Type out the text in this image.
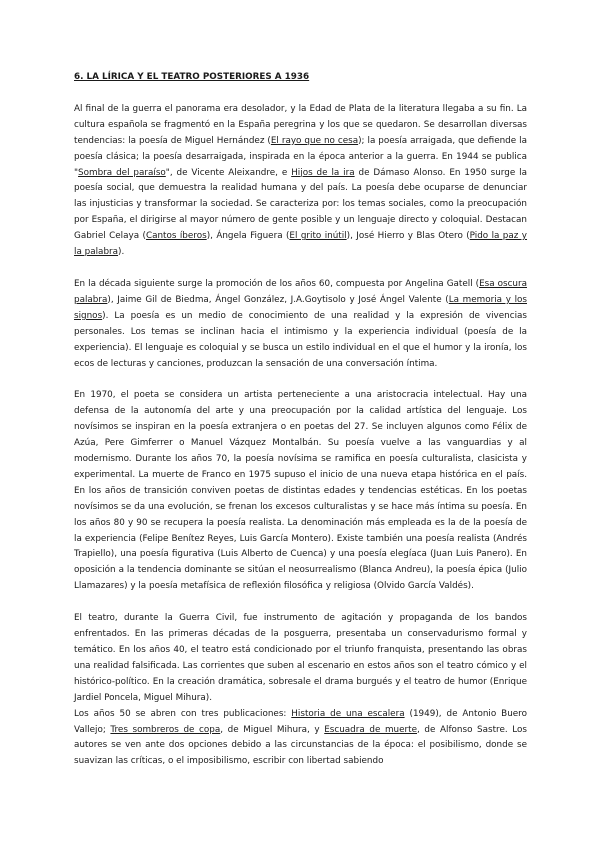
6. LA LÍRICA Y EL TEATRO POSTERIORES A 1936

Al final de la guerra el panorama era desolador, y la Edad de Plata de la literatura llegaba a su fin. La cultura española se fragmentó en la España peregrina y los que se quedaron. Se desarrollan diversas tendencias: la poesía de Miguel Hernández (El rayo que no cesa); la poesía arraigada, que defiende la poesía clásica; la poesía desarraigada, inspirada en la época anterior a la guerra. En 1944 se publica "Sombra del paraíso", de Vicente Aleixandre, e Hijos de la ira de Dámaso Alonso. En 1950 surge la poesía social, que demuestra la realidad humana y del país. La poesía debe ocuparse de denunciar las injusticias y transformar la sociedad. Se caracteriza por: los temas sociales, como la preocupación por España, el dirigirse al mayor número de gente posible y un lenguaje directo y coloquial. Destacan Gabriel Celaya (Cantos íberos), Ángela Figuera (El grito inútil), José Hierro y Blas Otero (Pido la paz y la palabra).

En la década siguiente surge la promoción de los años 60, compuesta por Angelina Gatell (Esa oscura palabra), Jaime Gil de Biedma, Ángel González, J.A.Goytisolo y José Ángel Valente (La memoria y los signos). La poesía es un medio de conocimiento de una realidad y la expresión de vivencias personales. Los temas se inclinan hacia el intimismo y la experiencia individual (poesía de la experiencia). El lenguaje es coloquial y se busca un estilo individual en el que el humor y la ironía, los ecos de lecturas y canciones, produzcan la sensación de una conversación íntima.

En 1970, el poeta se considera un artista perteneciente a una aristocracia intelectual. Hay una defensa de la autonomía del arte y una preocupación por la calidad artística del lenguaje. Los novísimos se inspiran en la poesía extranjera o en poetas del 27. Se incluyen algunos como Félix de Azúa, Pere Gimferrer o Manuel Vázquez Montalbán. Su poesía vuelve a las vanguardias y al modernismo. Durante los años 70, la poesía novísima se ramifica en poesía culturalista, clasicista y experimental. La muerte de Franco en 1975 supuso el inicio de una nueva etapa histórica en el país. En los años de transición conviven poetas de distintas edades y tendencias estéticas. En los poetas novísimos se da una evolución, se frenan los excesos culturalistas y se hace más íntima su poesía. En los años 80 y 90 se recupera la poesía realista. La denominación más empleada es la de la poesía de la experiencia (Felipe Benítez Reyes, Luis García Montero). Existe también una poesía realista (Andrés Trapiello), una poesía figurativa (Luis Alberto de Cuenca) y una poesía elegíaca (Juan Luis Panero). En oposición a la tendencia dominante se sitúan el neosurrealismo (Blanca Andreu), la poesía épica (Julio Llamazares) y la poesía metafísica de reflexión filosófica y religiosa (Olvido García Valdés).

El teatro, durante la Guerra Civil, fue instrumento de agitación y propaganda de los bandos enfrentados. En las primeras décadas de la posguerra, presentaba un conservadurismo formal y temático. En los años 40, el teatro está condicionado por el triunfo franquista, presentando las obras una realidad falsificada. Las corrientes que suben al escenario en estos años son el teatro cómico y el histórico-político. En la creación dramática, sobresale el drama burgués y el teatro de humor (Enrique Jardiel Poncela, Miguel Mihura).

Los años 50 se abren con tres publicaciones: Historia de una escalera (1949), de Antonio Buero Vallejo; Tres sombreros de copa, de Miguel Mihura, y Escuadra de muerte, de Alfonso Sastre. Los autores se ven ante dos opciones debido a las circunstancias de la época: el posibilismo, donde se suavizan las críticas, o el imposibilismo, escribir con libertad sabiendo
